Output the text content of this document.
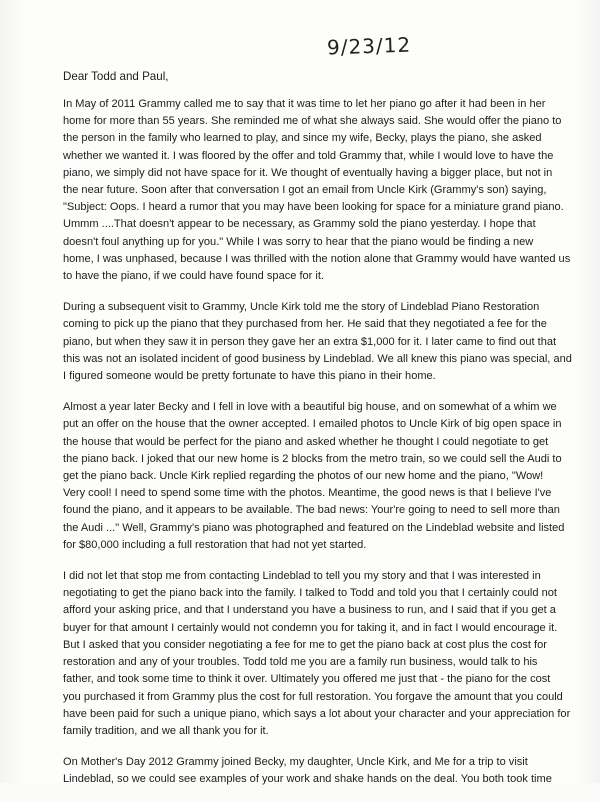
9/23/12
Dear Todd and Paul,
In May of 2011 Grammy called me to say that it was time to let her piano go after it had been in her
home for more than 55 years. She reminded me of what she always said. She would offer the piano to
the person in the family who learned to play, and since my wife, Becky, plays the piano, she asked
whether we wanted it. I was floored by the offer and told Grammy that, while I would love to have the
piano, we simply did not have space for it. We thought of eventually having a bigger place, but not in
the near future. Soon after that conversation I got an email from Uncle Kirk (Grammy's son) saying,
"Subject: Oops. I heard a rumor that you may have been looking for space for a miniature grand piano.
Ummm ....That doesn't appear to be necessary, as Grammy sold the piano yesterday. I hope that
doesn't foul anything up for you." While I was sorry to hear that the piano would be finding a new
home, I was unphased, because I was thrilled with the notion alone that Grammy would have wanted us
to have the piano, if we could have found space for it.
During a subsequent visit to Grammy, Uncle Kirk told me the story of Lindeblad Piano Restoration
coming to pick up the piano that they purchased from her. He said that they negotiated a fee for the
piano, but when they saw it in person they gave her an extra $1,000 for it. I later came to find out that
this was not an isolated incident of good business by Lindeblad. We all knew this piano was special, and
I figured someone would be pretty fortunate to have this piano in their home.
Almost a year later Becky and I fell in love with a beautiful big house, and on somewhat of a whim we
put an offer on the house that the owner accepted. I emailed photos to Uncle Kirk of big open space in
the house that would be perfect for the piano and asked whether he thought I could negotiate to get
the piano back. I joked that our new home is 2 blocks from the metro train, so we could sell the Audi to
get the piano back. Uncle Kirk replied regarding the photos of our new home and the piano, "Wow!
Very cool! I need to spend some time with the photos. Meantime, the good news is that I believe I've
found the piano, and it appears to be available. The bad news: Your're going to need to sell more than
the Audi ..." Well, Grammy's piano was photographed and featured on the Lindeblad website and listed
for $80,000 including a full restoration that had not yet started.
I did not let that stop me from contacting Lindeblad to tell you my story and that I was interested in
negotiating to get the piano back into the family. I talked to Todd and told you that I certainly could not
afford your asking price, and that I understand you have a business to run, and I said that if you get a
buyer for that amount I certainly would not condemn you for taking it, and in fact I would encourage it.
But I asked that you consider negotiating a fee for me to get the piano back at cost plus the cost for
restoration and any of your troubles. Todd told me you are a family run business, would talk to his
father, and took some time to think it over. Ultimately you offered me just that - the piano for the cost
you purchased it from Grammy plus the cost for full restoration. You forgave the amount that you could
have been paid for such a unique piano, which says a lot about your character and your appreciation for
family tradition, and we all thank you for it.
On Mother's Day 2012 Grammy joined Becky, my daughter, Uncle Kirk, and Me for a trip to visit
Lindeblad, so we could see examples of your work and shake hands on the deal. You both took time
